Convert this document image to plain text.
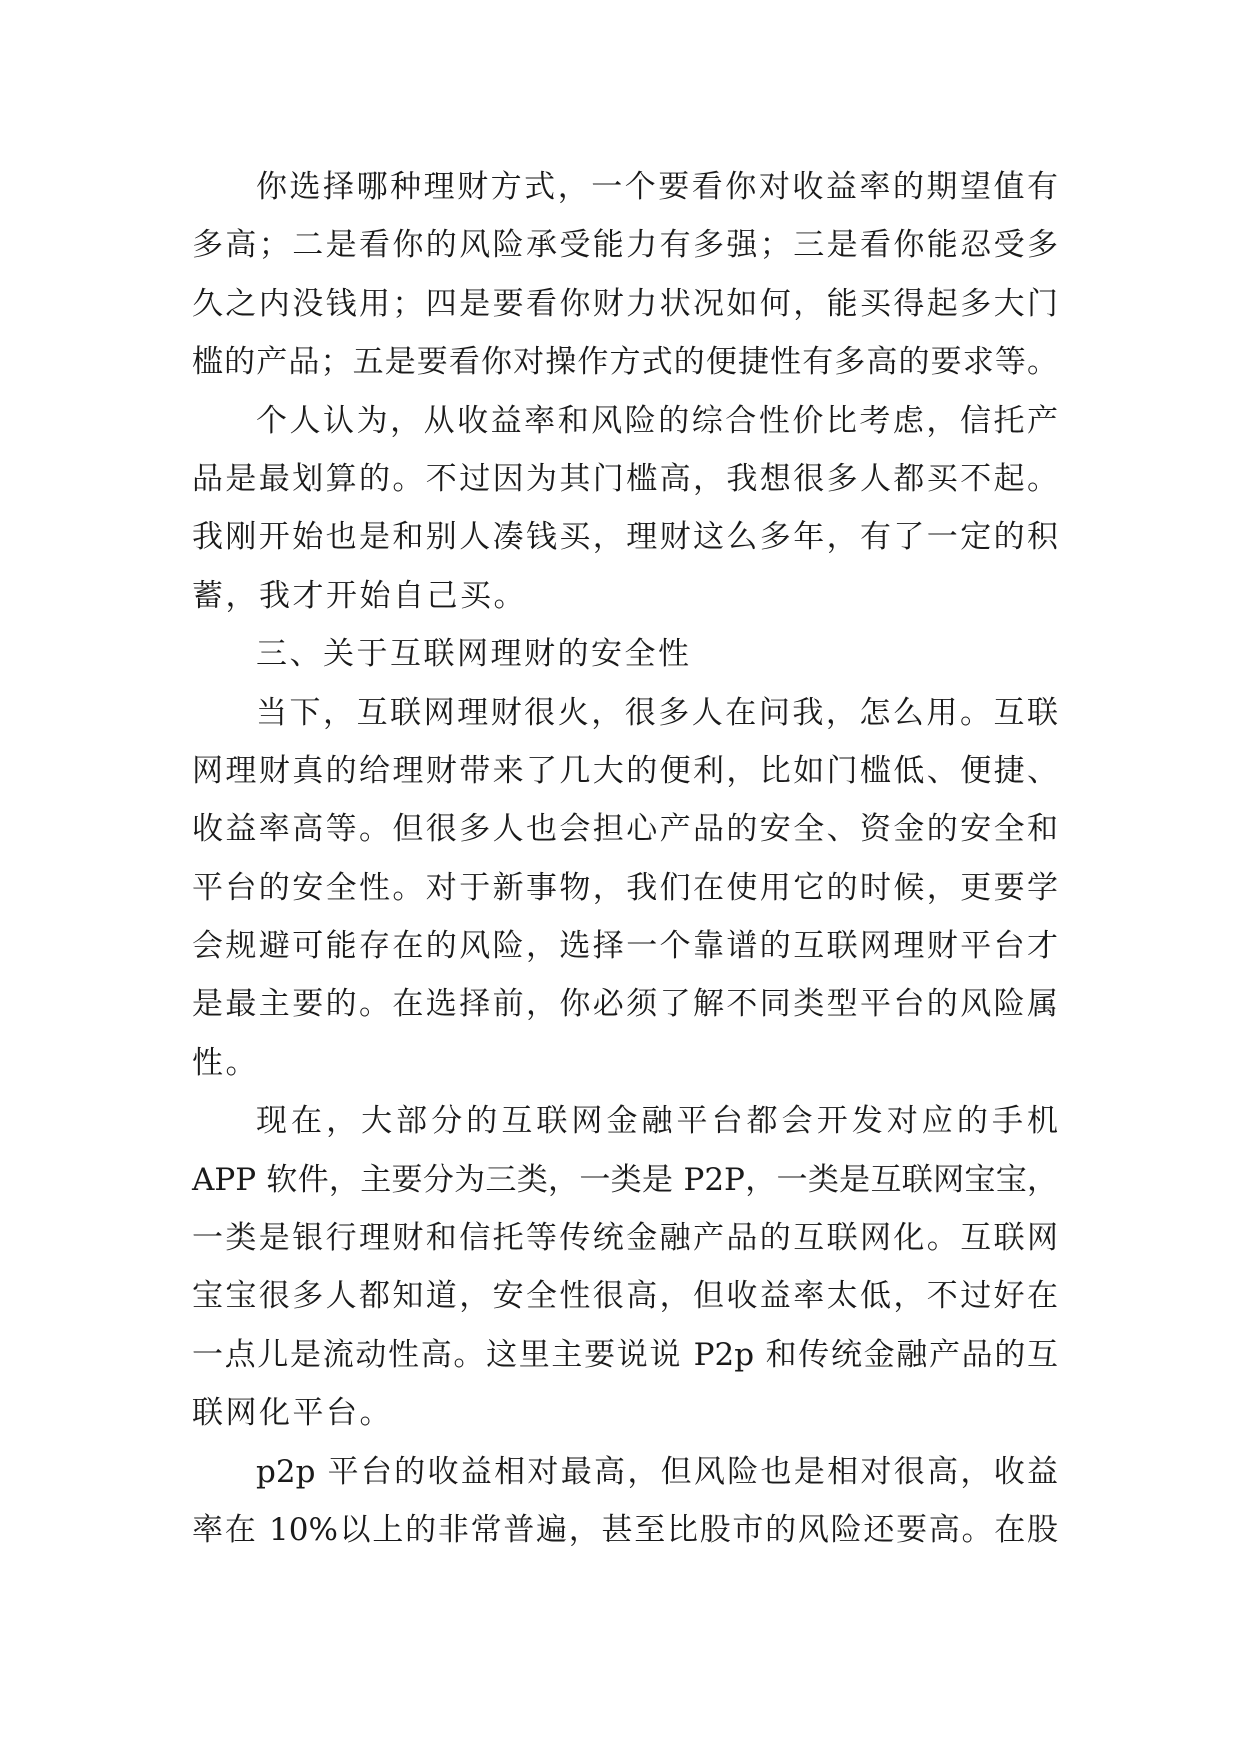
你选择哪种理财方式，一个要看你对收益率的期望值有
多高；二是看你的风险承受能力有多强；三是看你能忍受多
久之内没钱用；四是要看你财力状况如何，能买得起多大门
槛的产品；五是要看你对操作方式的便捷性有多高的要求等。
个人认为，从收益率和风险的综合性价比考虑，信托产
品是最划算的。不过因为其门槛高，我想很多人都买不起。
我刚开始也是和别人凑钱买，理财这么多年，有了一定的积
蓄，我才开始自己买。
三、关于互联网理财的安全性
当下，互联网理财很火，很多人在问我，怎么用。互联
网理财真的给理财带来了几大的便利，比如门槛低、便捷、
收益率高等。但很多人也会担心产品的安全、资金的安全和
平台的安全性。对于新事物，我们在使用它的时候，更要学
会规避可能存在的风险，选择一个靠谱的互联网理财平台才
是最主要的。在选择前，你必须了解不同类型平台的风险属
性。
现在，大部分的互联网金融平台都会开发对应的手机
APP 软件，主要分为三类，一类是 P2P，一类是互联网宝宝，
一类是银行理财和信托等传统金融产品的互联网化。互联网
宝宝很多人都知道，安全性很高，但收益率太低，不过好在
一点儿是流动性高。这里主要说说 P2p 和传统金融产品的互
联网化平台。
p2p 平台的收益相对最高，但风险也是相对很高，收益
率在 10%以上的非常普遍，甚至比股市的风险还要高。在股
